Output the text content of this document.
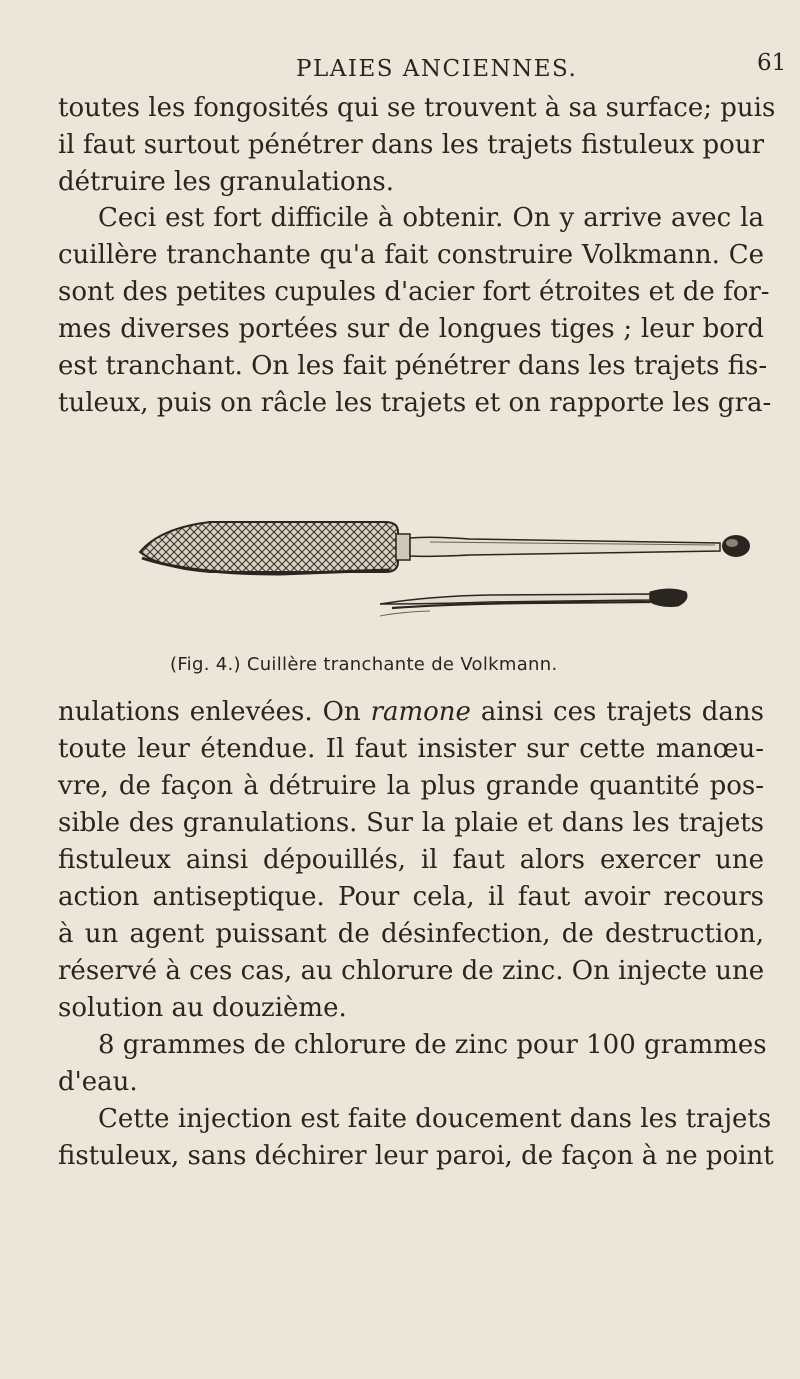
PLAIES ANCIENNES.	61
toutes les fongosités qui se trouvent à sa surface; puis
il faut surtout pénétrer dans les trajets fistuleux pour
détruire les granulations.
Ceci est fort difficile à obtenir. On y arrive avec la
cuillère tranchante qu'a fait construire Volkmann. Ce
sont des petites cupules d'acier fort étroites et de for-
mes diverses portées sur de longues tiges ; leur bord
est tranchant. On les fait pénétrer dans les trajets fis-
tuleux, puis on râcle les trajets et on rapporte les gra-
(Fig. 4.) Cuillère tranchante de Volkmann.
nulations enlevées. On ramone ainsi ces trajets dans
toute leur étendue. Il faut insister sur cette manœu-
vre, de façon à détruire la plus grande quantité pos-
sible des granulations. Sur la plaie et dans les trajets
fistuleux ainsi dépouillés, il faut alors exercer une
action antiseptique. Pour cela, il faut avoir recours
à un agent puissant de désinfection, de destruction,
réservé à ces cas, au chlorure de zinc. On injecte une
solution au douzième.
8 grammes de chlorure de zinc pour 100 grammes
d'eau.
Cette injection est faite doucement dans les trajets
fistuleux, sans déchirer leur paroi, de façon à ne point
